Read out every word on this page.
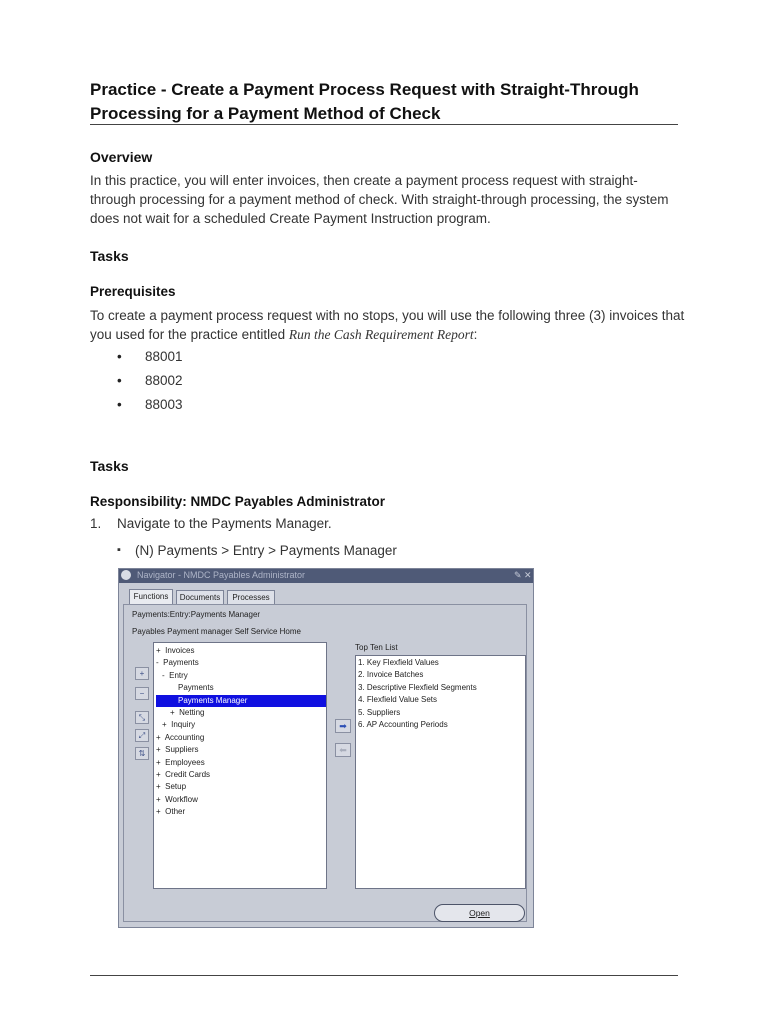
Practice - Create a Payment Process Request with Straight-Through Processing for a Payment Method of Check
Overview
In this practice, you will enter invoices, then create a payment process request with straight-through processing for a payment method of check. With straight-through processing, the system does not wait for a scheduled Create Payment Instruction program.
Tasks
Prerequisites
To create a payment process request with no stops, you will use the following three (3) invoices that you used for the practice entitled Run the Cash Requirement Report:
• 88001
• 88002
• 88003
Tasks
Responsibility: NMDC Payables Administrator
1. Navigate to the Payments Manager.
▪ (N) Payments > Entry > Payments Manager
Navigator - NMDC Payables Administrator	✎ ✕
Functions	Documents	Processes
Payments:Entry:Payments Manager
Payables Payment manager Self Service Home
+
−
⤡
⤢
⇅
+ Invoices
- Payments
- Entry
Payments
Payments Manager
+ Netting
+ Inquiry
+ Accounting
+ Suppliers
+ Employees
+ Credit Cards
+ Setup
+ Workflow
+ Other
➡
⬅
Top Ten List
1. Key Flexfield Values
2. Invoice Batches
3. Descriptive Flexfield Segments
4. Flexfield Value Sets
5. Suppliers
6. AP Accounting Periods
Open
